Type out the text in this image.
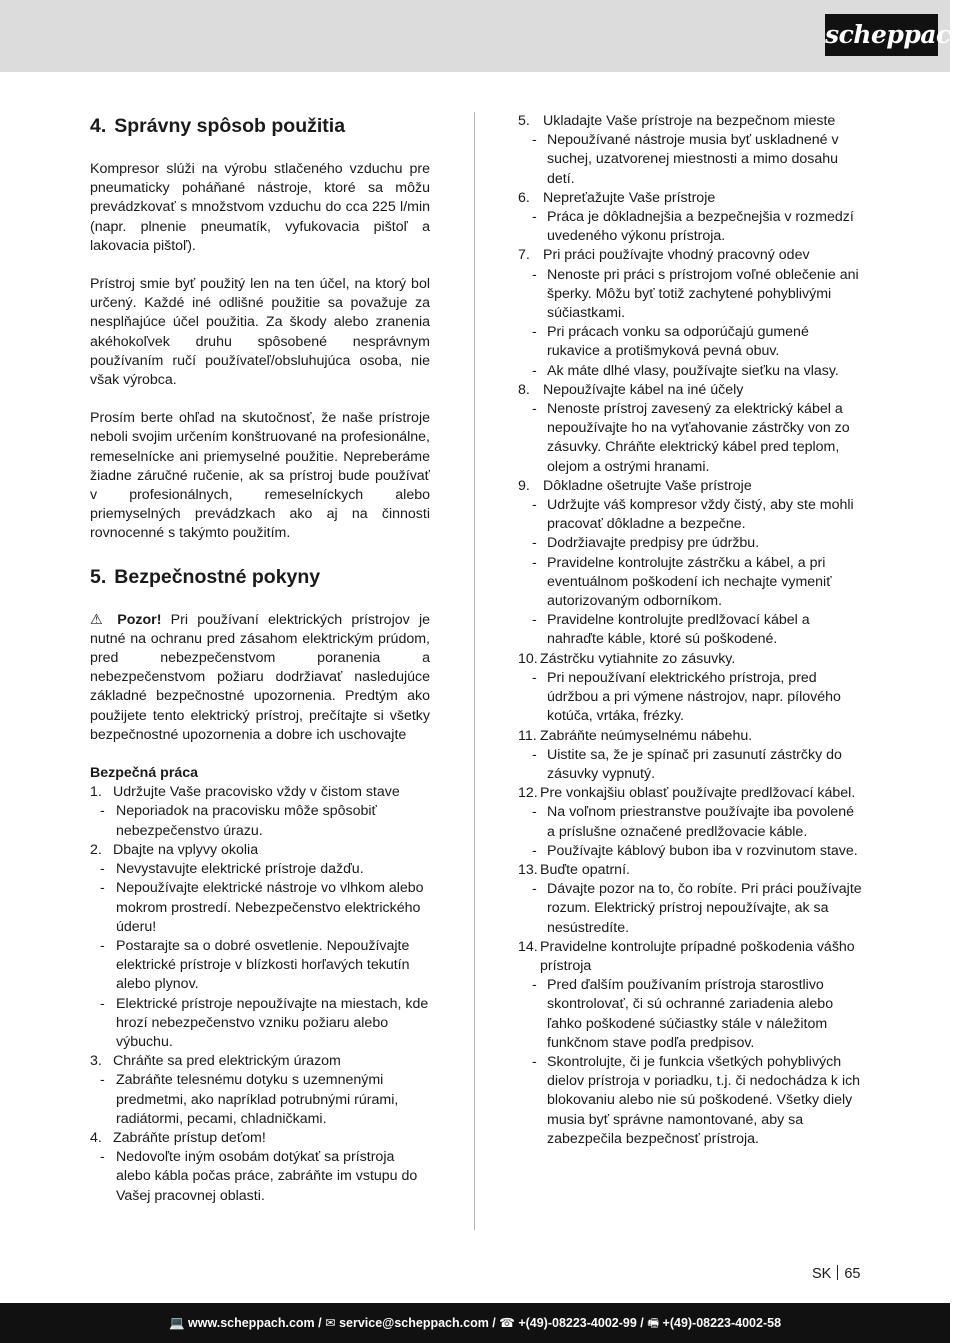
scheppach
4. Správny spôsob použitia

Kompresor slúži na výrobu stlačeného vzduchu pre pneumaticky poháňané nástroje, ktoré sa môžu prevádzkovať s množstvom vzduchu do cca 225 l/min (napr. plnenie pneumatík, vyfukovacia pištoľ a lakovacia pištoľ).

Prístroj smie byť použitý len na ten účel, na ktorý bol určený. Každé iné odlišné použitie sa považuje za nesplňajúce účel použitia. Za škody alebo zranenia akéhokoľvek druhu spôsobené nesprávnym používaním ručí používateľ/obsluhujúca osoba, nie však výrobca.

Prosím berte ohľad na skutočnosť, že naše prístroje neboli svojim určením konštruované na profesionálne, remeselnícke ani priemyselné použitie. Nepreberáme žiadne záručné ručenie, ak sa prístroj bude používať v profesionálnych, remeselníckych alebo priemyselných prevádzkach ako aj na činnosti rovnocenné s takýmto použitím.

5. Bezpečnostné pokyny

⚠ Pozor! Pri používaní elektrických prístrojov je nutné na ochranu pred zásahom elektrickým prúdom, pred nebezpečenstvom poranenia a nebezpečenstvom požiaru dodržiavať nasledujúce základné bezpečnostné upozornenia. Predtým ako použijete tento elektrický prístroj, prečítajte si všetky bezpečnostné upozornenia a dobre ich uschovajte

Bezpečná práca

1. Udržujte Vaše pracovisko vždy v čistom stave
- Neporiadok na pracovisku môže spôsobiť nebezpečenstvo úrazu.
2. Dbajte na vplyvy okolia
- Nevystavujte elektrické prístroje dažďu.
- Nepoužívajte elektrické nástroje vo vlhkom alebo mokrom prostredí. Nebezpečenstvo elektrického úderu!
- Postarajte sa o dobré osvetlenie. Nepoužívajte elektrické prístroje v blízkosti horľavých tekutín alebo plynov.
- Elektrické prístroje nepoužívajte na miestach, kde hrozí nebezpečenstvo vzniku požiaru alebo výbuchu.
3. Chráňte sa pred elektrickým úrazom
- Zabráňte telesnému dotyku s uzemnenými predmetmi, ako napríklad potrubnými rúrami, radiátormi, pecami, chladničkami.
4. Zabráňte prístup deťom!
- Nedovoľte iným osobám dotýkať sa prístroja alebo kábla počas práce, zabráňte im vstupu do Vašej pracovnej oblasti.
5. Ukladajte Vaše prístroje na bezpečnom mieste
- Nepoužívané nástroje musia byť uskladnené v suchej, uzatvorenej miestnosti a mimo dosahu detí.
6. Nepreťažujte Vaše prístroje
- Práca je dôkladnejšia a bezpečnejšia v rozmedzí uvedeného výkonu prístroja.
7. Pri práci používajte vhodný pracovný odev
- Nenoste pri práci s prístrojom voľné oblečenie ani šperky. Môžu byť totiž zachytené pohyblivými súčiastkami.
- Pri prácach vonku sa odporúčajú gumené rukavice a protišmyková pevná obuv.
- Ak máte dlhé vlasy, používajte sieťku na vlasy.
8. Nepoužívajte kábel na iné účely
- Nenoste prístroj zavesený za elektrický kábel a nepoužívajte ho na vyťahovanie zástrčky von zo zásuvky. Chráňte elektrický kábel pred teplom, olejom a ostrými hranami.
9. Dôkladne ošetrujte Vaše prístroje
- Udržujte váš kompresor vždy čistý, aby ste mohli pracovať dôkladne a bezpečne.
- Dodržiavajte predpisy pre údržbu.
- Pravidelne kontrolujte zástrčku a kábel, a pri eventuálnom poškodení ich nechajte vymeniť autorizovaným odborníkom.
- Pravidelne kontrolujte predlžovací kábel a nahraďte káble, ktoré sú poškodené.
10. Zástrčku vytiahnite zo zásuvky.
- Pri nepoužívaní elektrického prístroja, pred údržbou a pri výmene nástrojov, napr. pílového kotúča, vrtáka, frézky.
11. Zabráňte neúmyselnému nábehu.
- Uistite sa, že je spínač pri zasunutí zástrčky do zásuvky vypnutý.
12. Pre vonkajšiu oblasť používajte predlžovací kábel.
- Na voľnom priestranstve používajte iba povolené a príslušne označené predlžovacie káble.
- Používajte káblový bubon iba v rozvinutom stave.
13. Buďte opatrní.
- Dávajte pozor na to, čo robíte. Pri práci používajte rozum. Elektrický prístroj nepoužívajte, ak sa nesústredíte.
14. Pravidelne kontrolujte prípadné poškodenia vášho prístroja
- Pred ďalším používaním prístroja starostlivo skontrolovať, či sú ochranné zariadenia alebo ľahko poškodené súčiastky stále v náležitom funkčnom stave podľa predpisov.
- Skontrolujte, či je funkcia všetkých pohyblivých dielov prístroja v poriadku, t.j. či nedochádza k ich blokovaniu alebo nie sú poškodené. Všetky diely musia byť správne namontované, aby sa zabezpečila bezpečnosť prístroja.
SK 65
💻 www.scheppach.com / ✉ service@scheppach.com / ☎ +(49)-08223-4002-99 / 🖷 +(49)-08223-4002-58
